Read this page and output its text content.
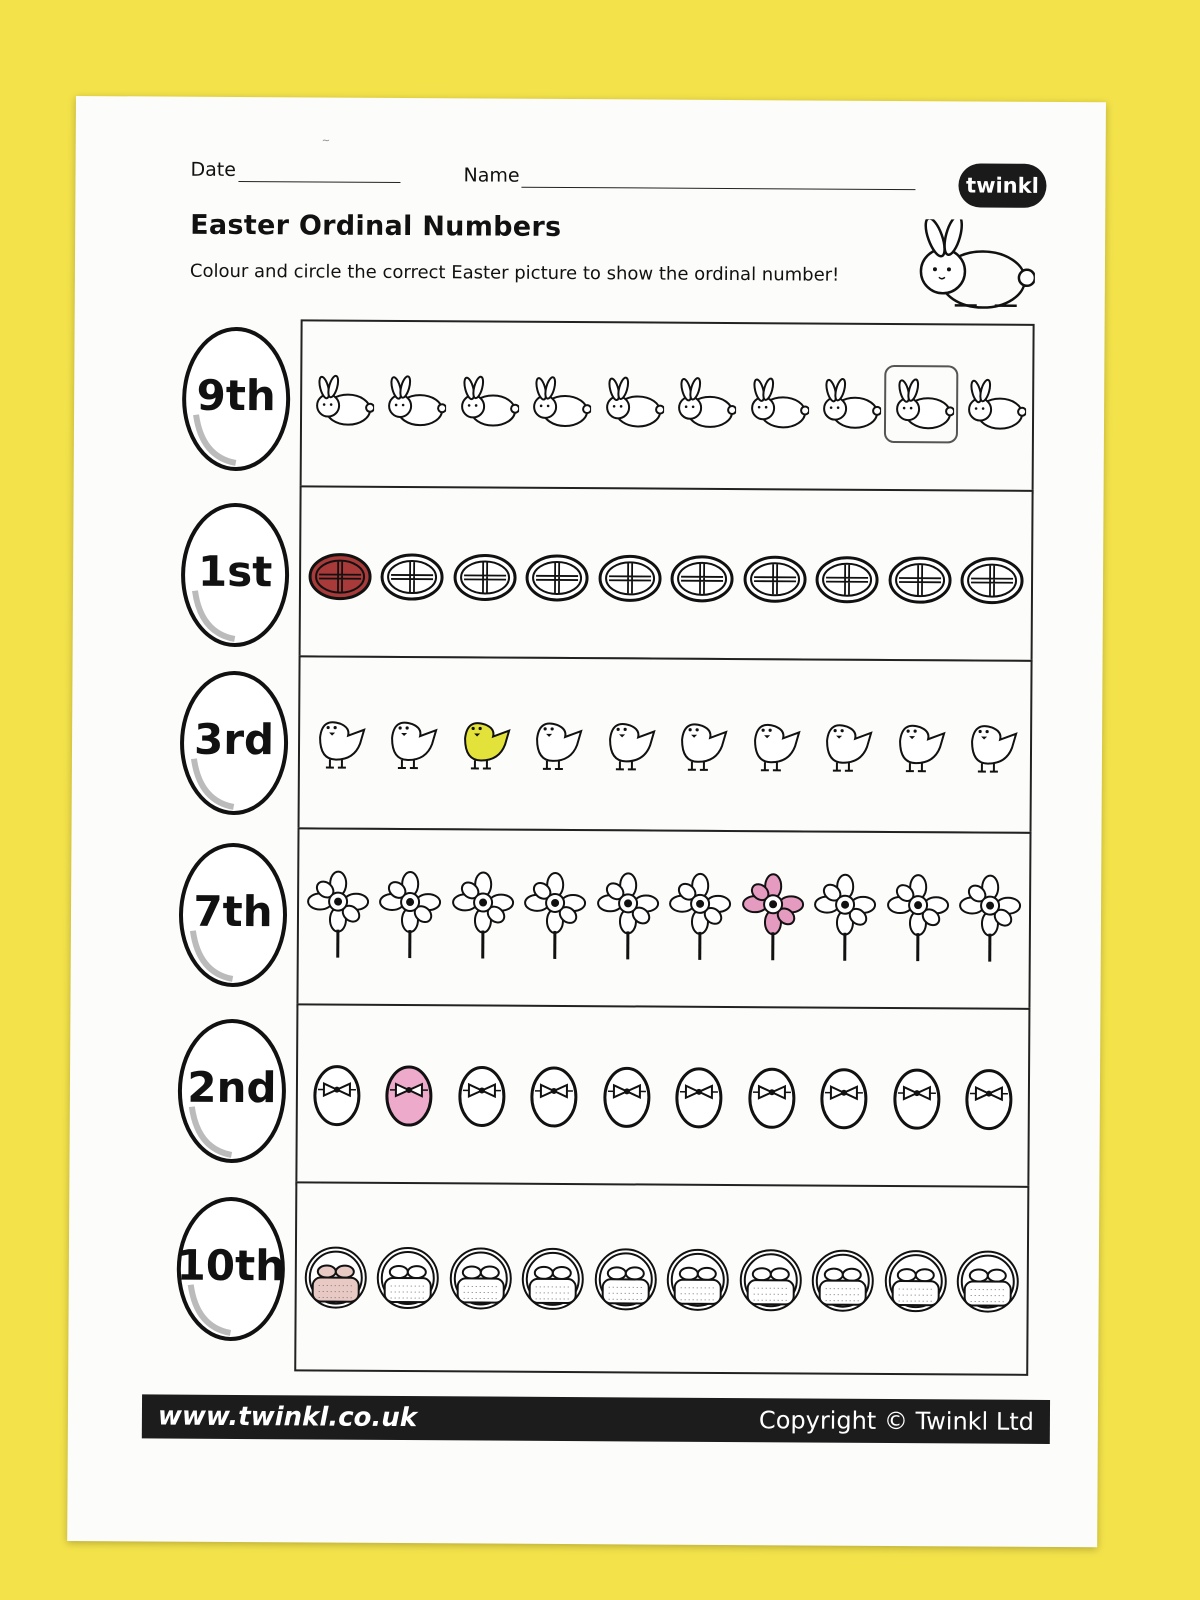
~
Date	Name	twinkl
Easter Ordinal Numbers
Colour and circle the correct Easter picture to show the ordinal number!
9th
1st
3rd
7th
2nd
10th
www.twinkl.co.uk	Copyright © Twinkl Ltd
